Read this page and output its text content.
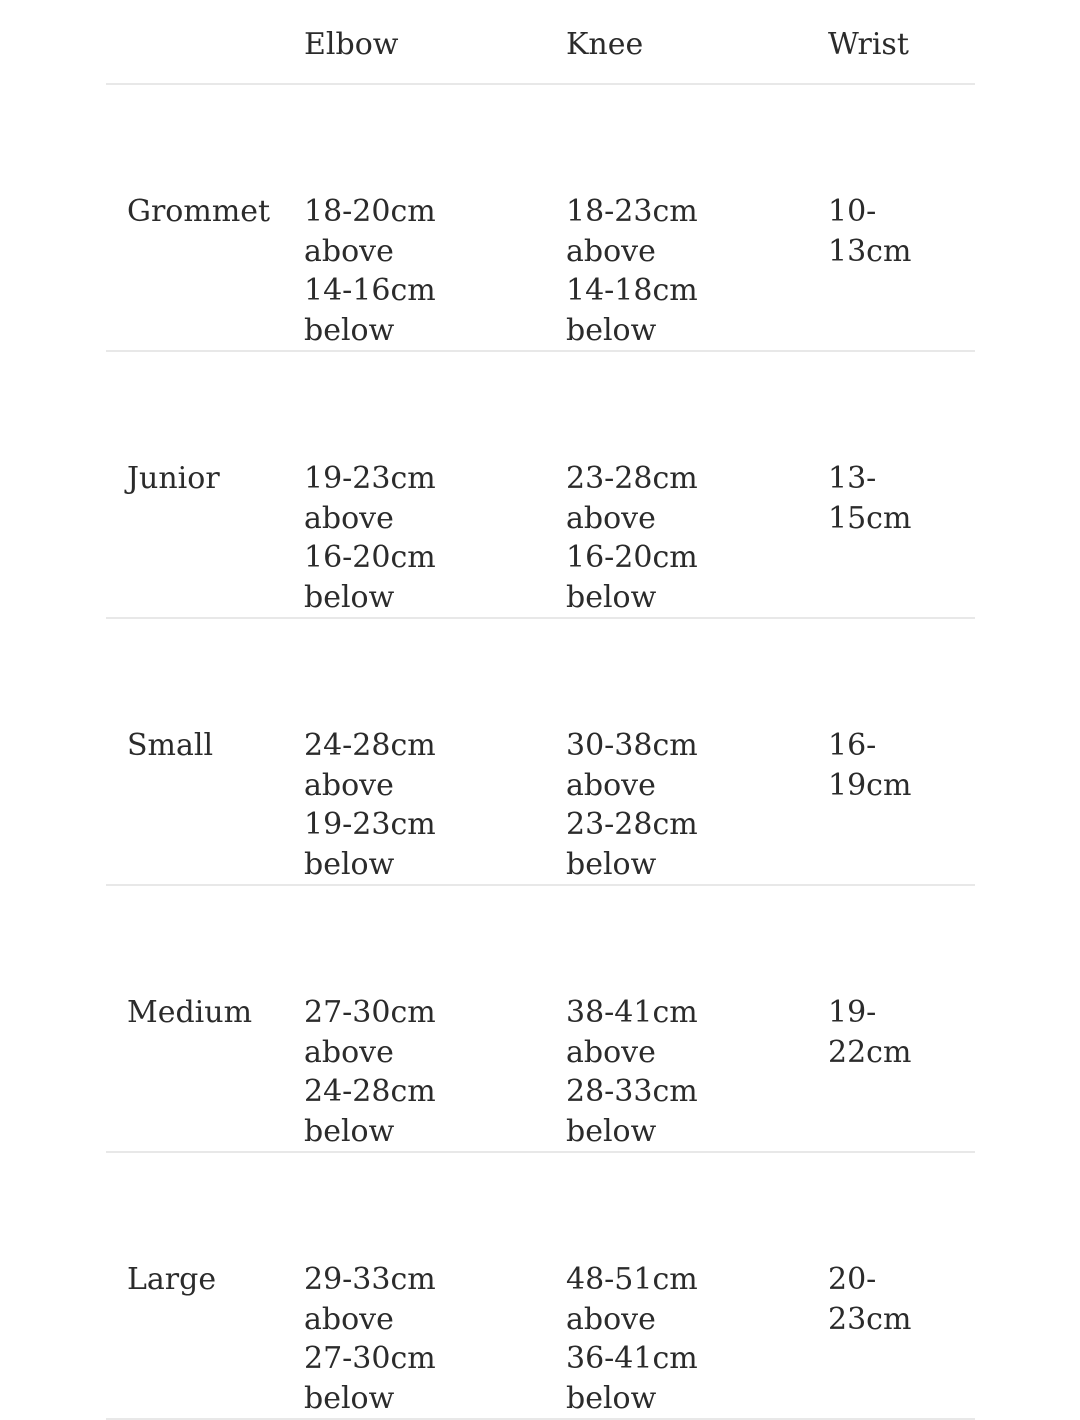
	Elbow	Knee	Wrist
Grommet	18-20cm
above
14-16cm
below	18-23cm
above
14-18cm
below	10-
13cm

Junior	19-23cm
above
16-20cm
below	23-28cm
above
16-20cm
below	13-
15cm

Small	24-28cm
above
19-23cm
below	30-38cm
above
23-28cm
below	16-
19cm

Medium	27-30cm
above
24-28cm
below	38-41cm
above
28-33cm
below	19-
22cm

Large	29-33cm
above
27-30cm
below	48-51cm
above
36-41cm
below	20-
23cm
